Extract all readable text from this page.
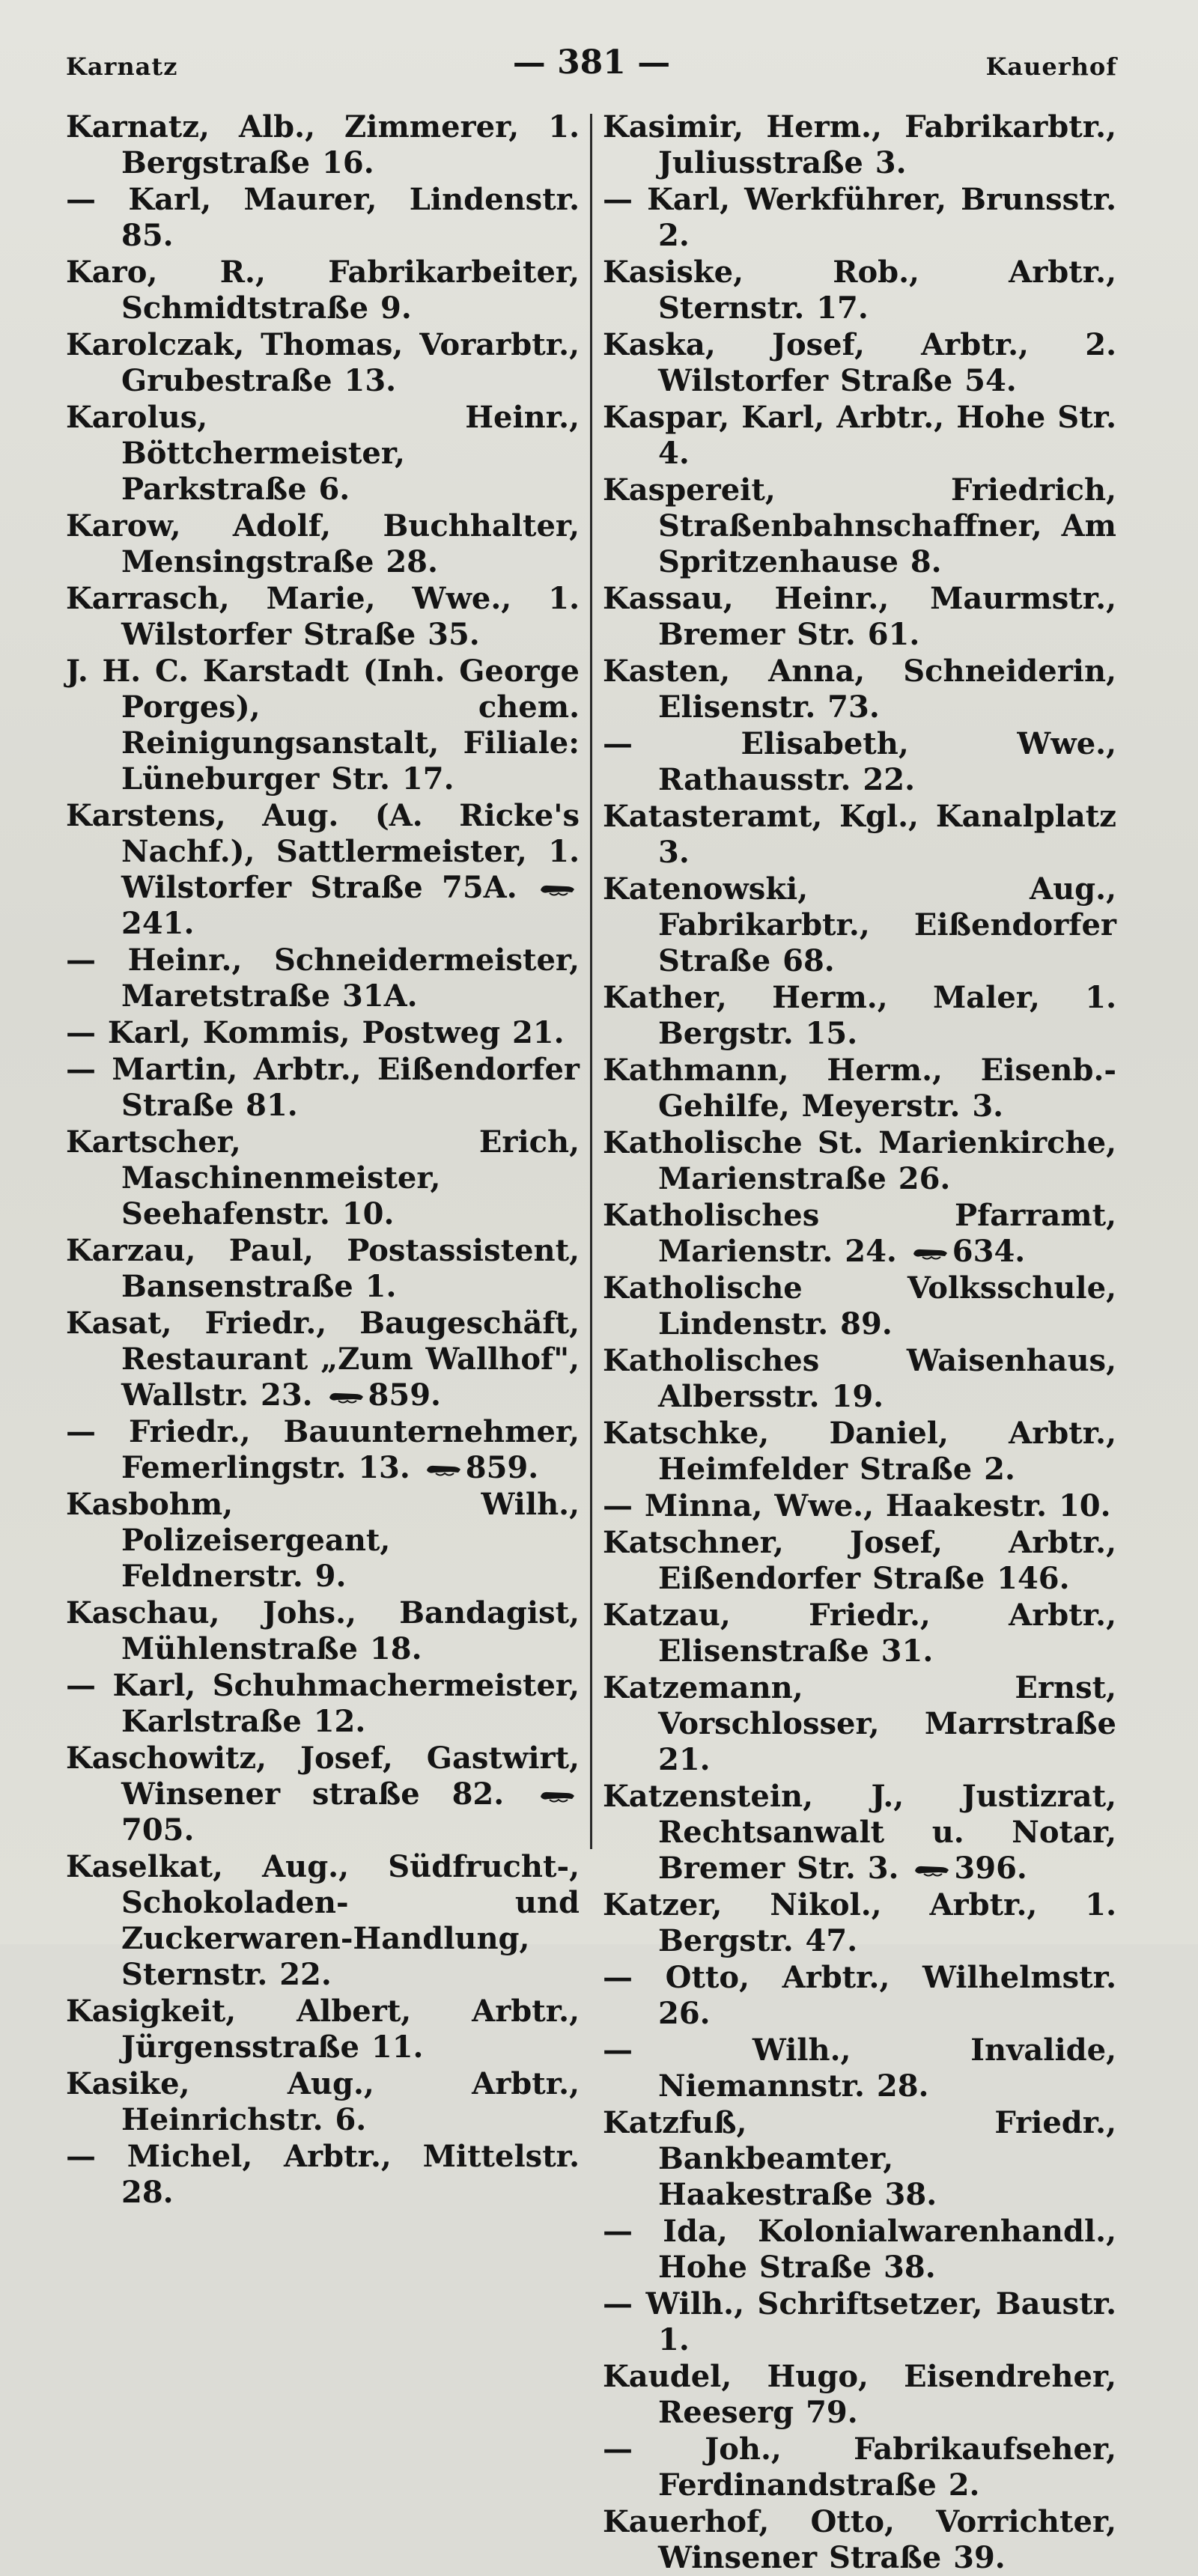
Karnatz	— 381 —	Kauerhof

Karnatz, Alb., Zimmerer, 1. Bergstraße 16.

— Karl, Maurer, Lindenstr. 85.

Karo, R., Fabrikarbeiter, Schmidtstraße 9.

Karolczak, Thomas, Vorarbtr., Grubestraße 13.

Karolus, Heinr., Böttchermeister, Parkstraße 6.

Karow, Adolf, Buchhalter, Mensingstraße 28.

Karrasch, Marie, Wwe., 1. Wilstorfer Straße 35.

J. H. C. Karstadt (Inh. George Porges), chem. Reinigungsanstalt, Filiale: Lüneburger Str. 17.

Karstens, Aug. (A. Ricke's Nachf.), Sattlermeister, 1. Wilstorfer Straße 75A. 241.

— Heinr., Schneidermeister, Maretstraße 31A.

— Karl, Kommis, Postweg 21.

— Martin, Arbtr., Eißendorfer Straße 81.

Kartscher, Erich, Maschinenmeister, Seehafenstr. 10.

Karzau, Paul, Postassistent, Bansenstraße 1.

Kasat, Friedr., Baugeschäft, Restaurant „Zum Wallhof", Wallstr. 23. 859.

— Friedr., Bauunternehmer, Femerlingstr. 13. 859.

Kasbohm, Wilh., Polizeisergeant, Feldnerstr. 9.

Kaschau, Johs., Bandagist, Mühlenstraße 18.

— Karl, Schuhmachermeister, Karlstraße 12.

Kaschowitz, Josef, Gastwirt, Winsener straße 82. 705.

Kaselkat, Aug., Südfrucht-, Schokoladen- und Zuckerwaren-Handlung, Sternstr. 22.

Kasigkeit, Albert, Arbtr., Jürgensstraße 11.

Kasike, Aug., Arbtr., Heinrichstr. 6.

— Michel, Arbtr., Mittelstr. 28.

Kasimir, Herm., Fabrikarbtr., Juliusstraße 3.

— Karl, Werkführer, Brunsstr. 2.

Kasiske, Rob., Arbtr., Sternstr. 17.

Kaska, Josef, Arbtr., 2. Wilstorfer Straße 54.

Kaspar, Karl, Arbtr., Hohe Str. 4.

Kaspereit, Friedrich, Straßenbahnschaffner, Am Spritzenhause 8.

Kassau, Heinr., Maurmstr., Bremer Str. 61.

Kasten, Anna, Schneiderin, Elisenstr. 73.

— Elisabeth, Wwe., Rathausstr. 22.

Katasteramt, Kgl., Kanalplatz 3.

Katenowski, Aug., Fabrikarbtr., Eißendorfer Straße 68.

Kather, Herm., Maler, 1. Bergstr. 15.

Kathmann, Herm., Eisenb.-Gehilfe, Meyerstr. 3.

Katholische St. Marienkirche, Marienstraße 26.

Katholisches Pfarramt, Marienstr. 24. 634.

Katholische Volksschule, Lindenstr. 89.

Katholisches Waisenhaus, Albersstr. 19.

Katschke, Daniel, Arbtr., Heimfelder Straße 2.

— Minna, Wwe., Haakestr. 10.

Katschner, Josef, Arbtr., Eißendorfer Straße 146.

Katzau, Friedr., Arbtr., Elisenstraße 31.

Katzemann, Ernst, Vorschlosser, Marrstraße 21.

Katzenstein, J., Justizrat, Rechtsanwalt u. Notar, Bremer Str. 3. 396.

Katzer, Nikol., Arbtr., 1. Bergstr. 47.

— Otto, Arbtr., Wilhelmstr. 26.

— Wilh., Invalide, Niemannstr. 28.

Katzfuß, Friedr., Bankbeamter, Haakestraße 38.

— Ida, Kolonialwarenhandl., Hohe Straße 38.

— Wilh., Schriftsetzer, Baustr. 1.

Kaudel, Hugo, Eisendreher, Reeserg 79.

— Joh., Fabrikaufseher, Ferdinandstraße 2.

Kauerhof, Otto, Vorrichter, Winsener Straße 39.
